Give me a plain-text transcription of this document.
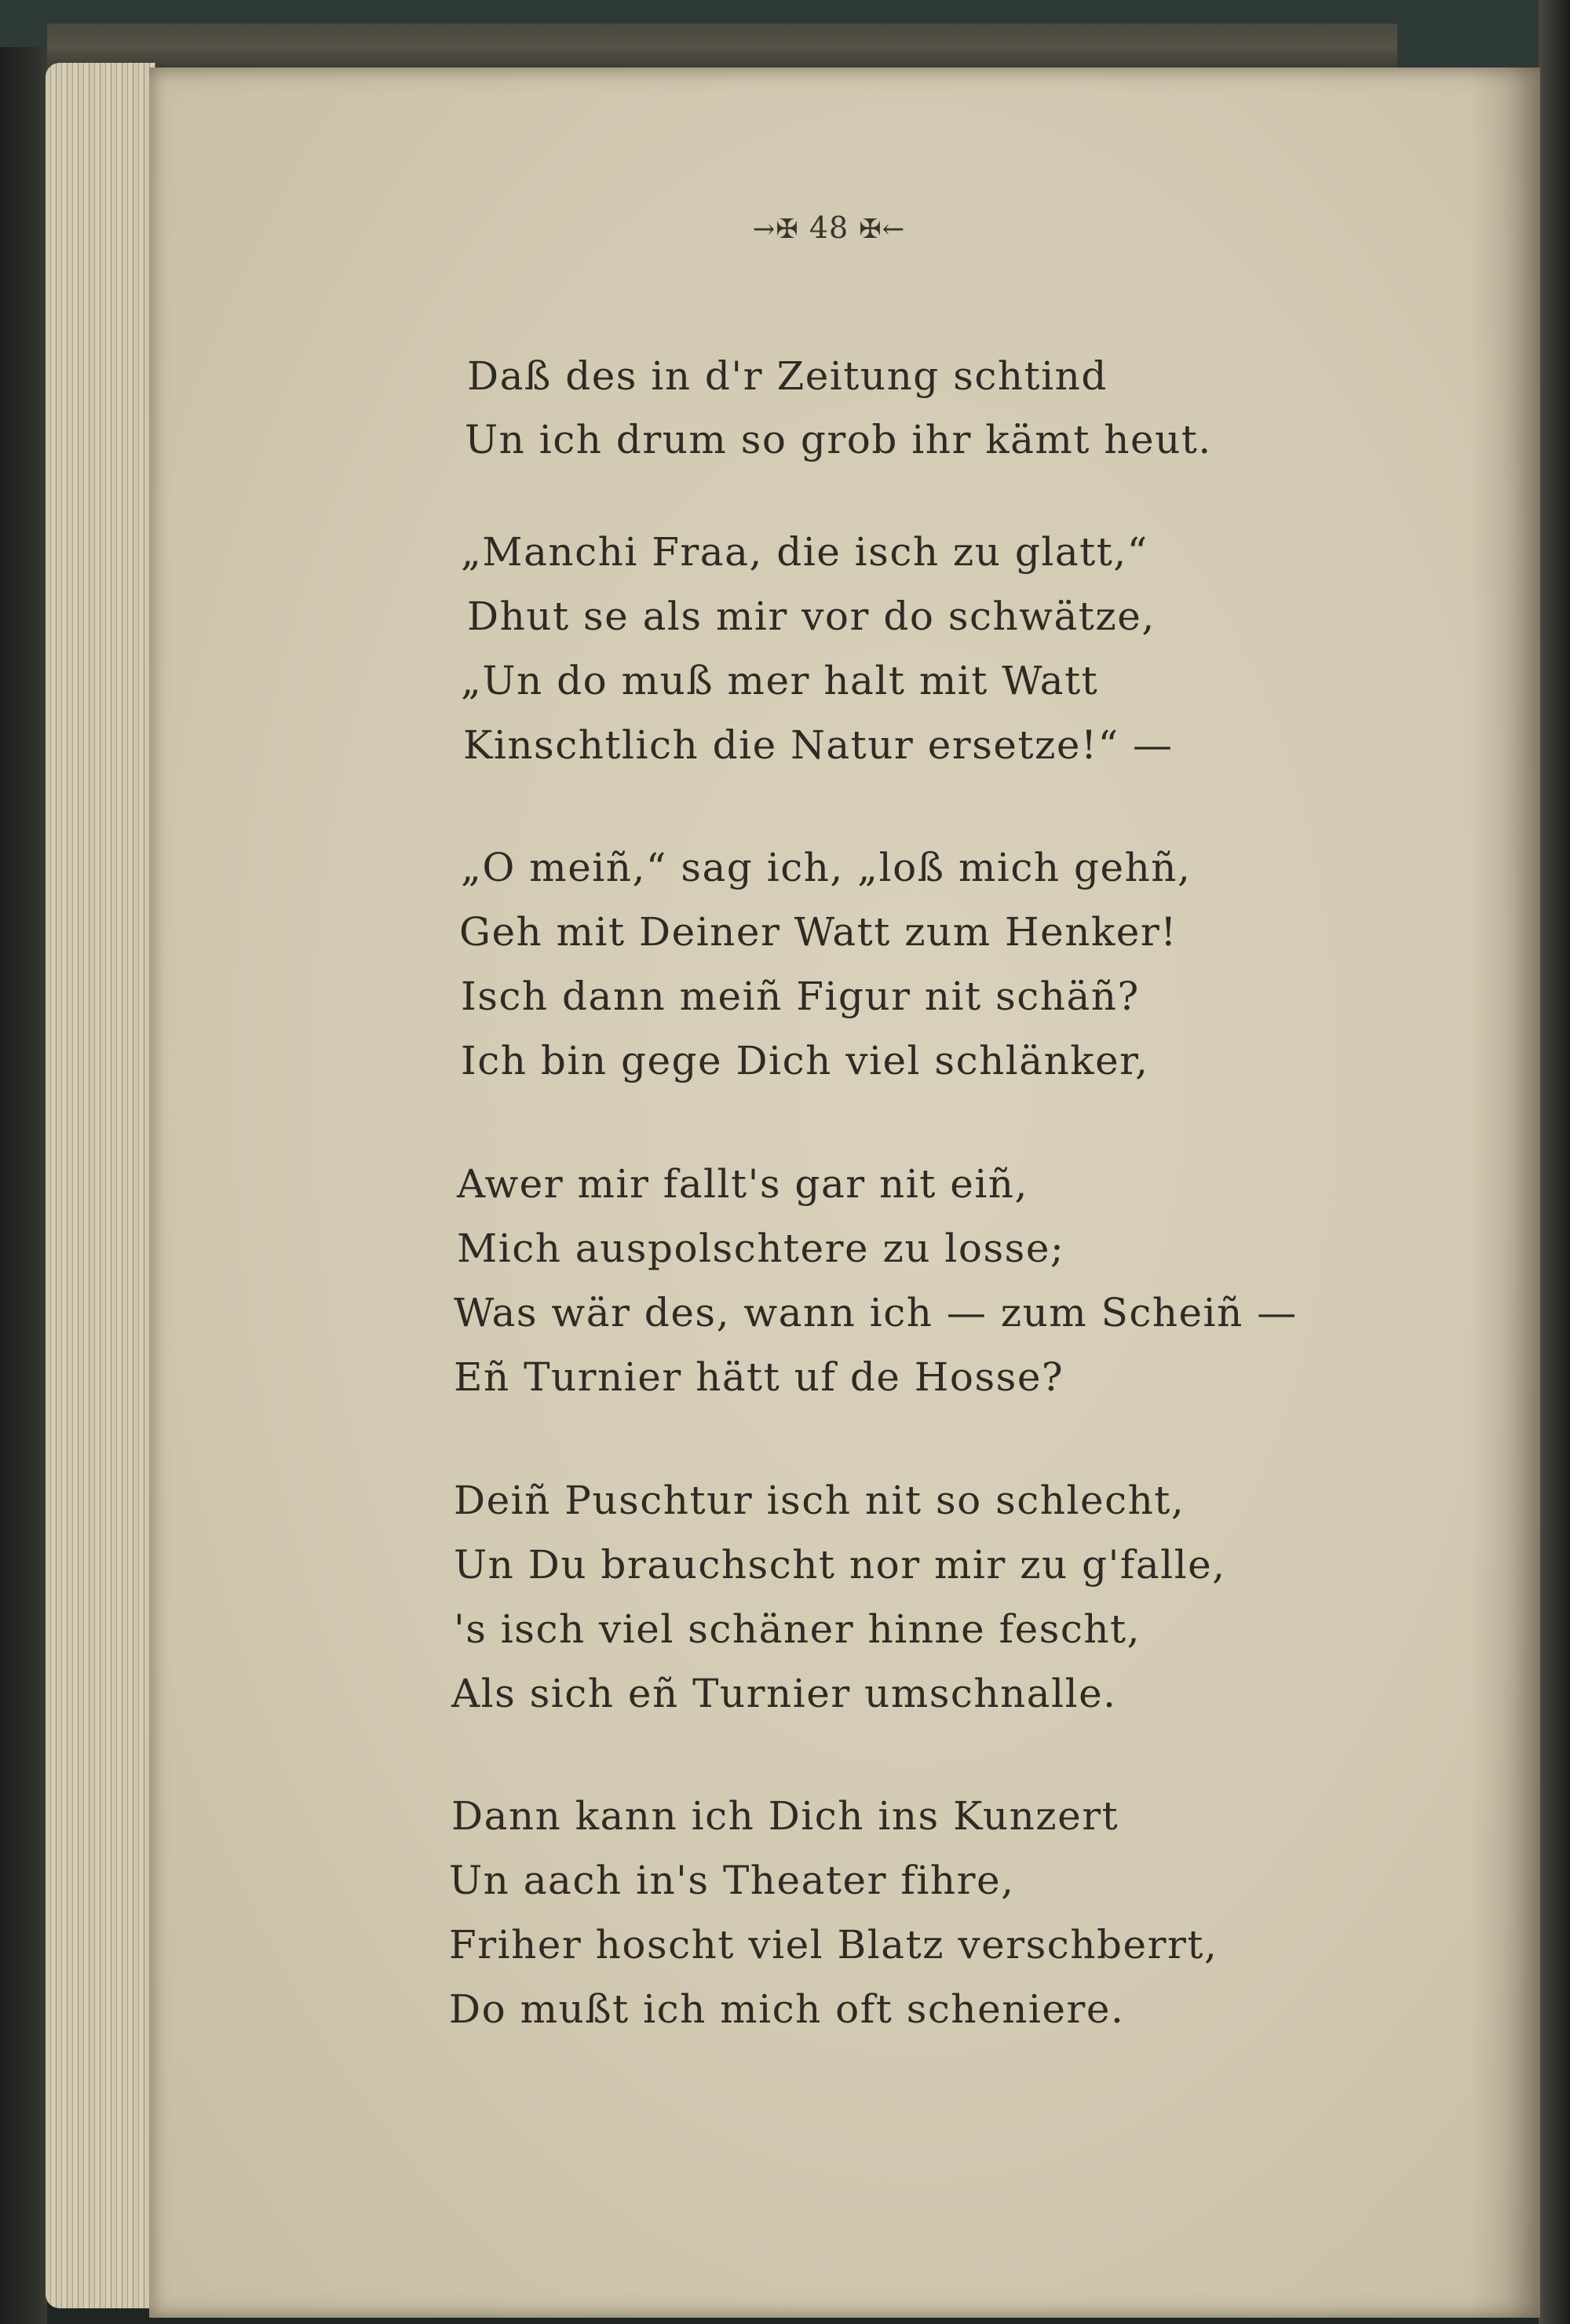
→✠ 48 ✠←
Daß des in d'r Zeitung schtind
Un ich drum so grob ihr kämt heut.
„Manchi Fraa, die isch zu glatt,“
Dhut se als mir vor do schwätze,
„Un do muß mer halt mit Watt
Kinschtlich die Natur ersetze!“ —
„O meiñ,“ sag ich, „loß mich gehñ,
Geh mit Deiner Watt zum Henker!
Isch dann meiñ Figur nit schäñ?
Ich bin gege Dich viel schlänker,
Awer mir fallt's gar nit eiñ,
Mich auspolschtere zu losse;
Was wär des, wann ich — zum Scheiñ —
Eñ Turnier hätt uf de Hosse?
Deiñ Puschtur isch nit so schlecht,
Un Du brauchscht nor mir zu g'falle,
's isch viel schäner hinne fescht,
Als sich eñ Turnier umschnalle.
Dann kann ich Dich ins Kunzert
Un aach in's Theater fihre,
Friher hoscht viel Blatz verschberrt,
Do mußt ich mich oft scheniere.
